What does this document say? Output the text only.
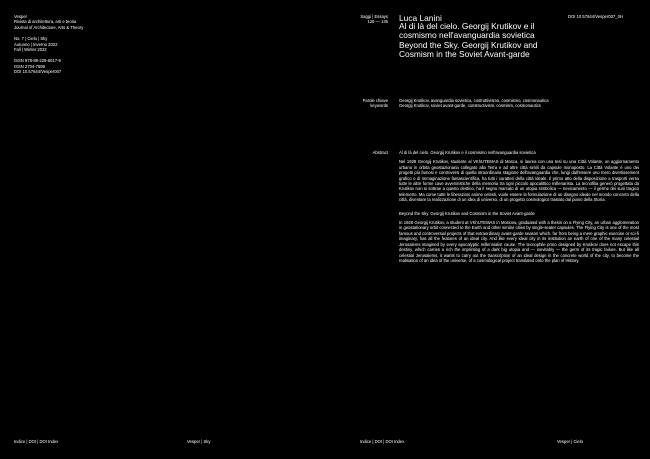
Vesper

Rivista di architettura, arti e teoria

Journal of Architecture, Arts & Theory

No. 7 | Cielo | Sky

Autunno | Inverno 2022

Fall | Winter 2022

ISSN 978-88-229-6017-9

ISSN 2704-7598

DOI 10.57644/Vesper007

Saggi | Essays
126 — 135 Luca Lanini

Al di là del cielo. Georgij Krutikov e il cosmismo nell'avanguardia sovietica

Beyond the Sky. Georgij Krutikov and Cosmism in the Soviet Avant-garde

DOI 10.57644/Vesper007_0H
Parole chiave
keywords
Georgij Krutikov, avanguardia sovietica, costruttivismo, cosmismo, cosmonautica
Georgij Krutikov, soviet avant-garde, constructivism, cosmism, cosmonautics
Abstract	Al di là del cielo. Georgij Krutikov e il cosmismo nell'avanguardia sovietica

Nel 1928 Georgij Krutikov, studente al VKhUTEMAS di Mosca, si laurea con una tesi su una Città Volante, un aggiornamento urbano in orbita geostazionaria collegato alla Terra e ad altre città simili da capsule monoposto. La Città Volante è uno dei progetti più famosi e controversi di quella straordinaria stagione dell'avanguardia che, lungi dall'essere uno mero divertissement grafico o di immaginazione fantascientifica, ha tutti i caratteri della città ideale. Il primo atto della disposizione a trasporti verso tutte le altre forme cave avveniristiche della memoria tra ogni piccolo apocalittico millenarista. La tecnofilia generò progettata da Krutikov non si sottrae a questo destino, ha il segno marcato di un utopia simbolica — nevicamento — il germe dei suoi tragico telemetro. Ma come tutte le liberazioni anime celesti, vuole essere la formulazione di un disegno ideale nel mondo concreto della città, diventare la realizzazione di un idea di universo, di un progetto cosmologico traslato dal piano della Storia.

Beyond the Sky. Georgij Krutikov and Cosmism in the Soviet Avant-garde

In 1928 Georgij Krutikov, a student at VKhUTEMAS in Moscow, graduated with a thesis on a Flying City, an urban agglomeration in geostationary orbit connected to the Earth and other similar cities by single-seater capsules. The Flying City is one of the most famous and controversial projects of that extraordinary avant-garde season which, far from being a mere graphic exercise or sci-fi imaginary, has all the features of an ideal city. And like every ideal city in its institution an earth of one of the many celestial Jerusalems imagined by every apocalyptic millennialist cause. The tecnophile proto designed by Krutikov does not escape this destiny, which carries a rich the imprinting of a dark big utopia and — inevitably — the germ of its tragic failure. But like all celestial Jerusalems, it wants to carry out the transcription of an ideal design in the concrete world of the city, to become the realisation of an idea of the universe, of a cosmological project translated onto the plan of History.

Indice | DOI | DOI Index	Vesper | Sky	Indice | DOI | DOI Index	Vesper | Cielo
